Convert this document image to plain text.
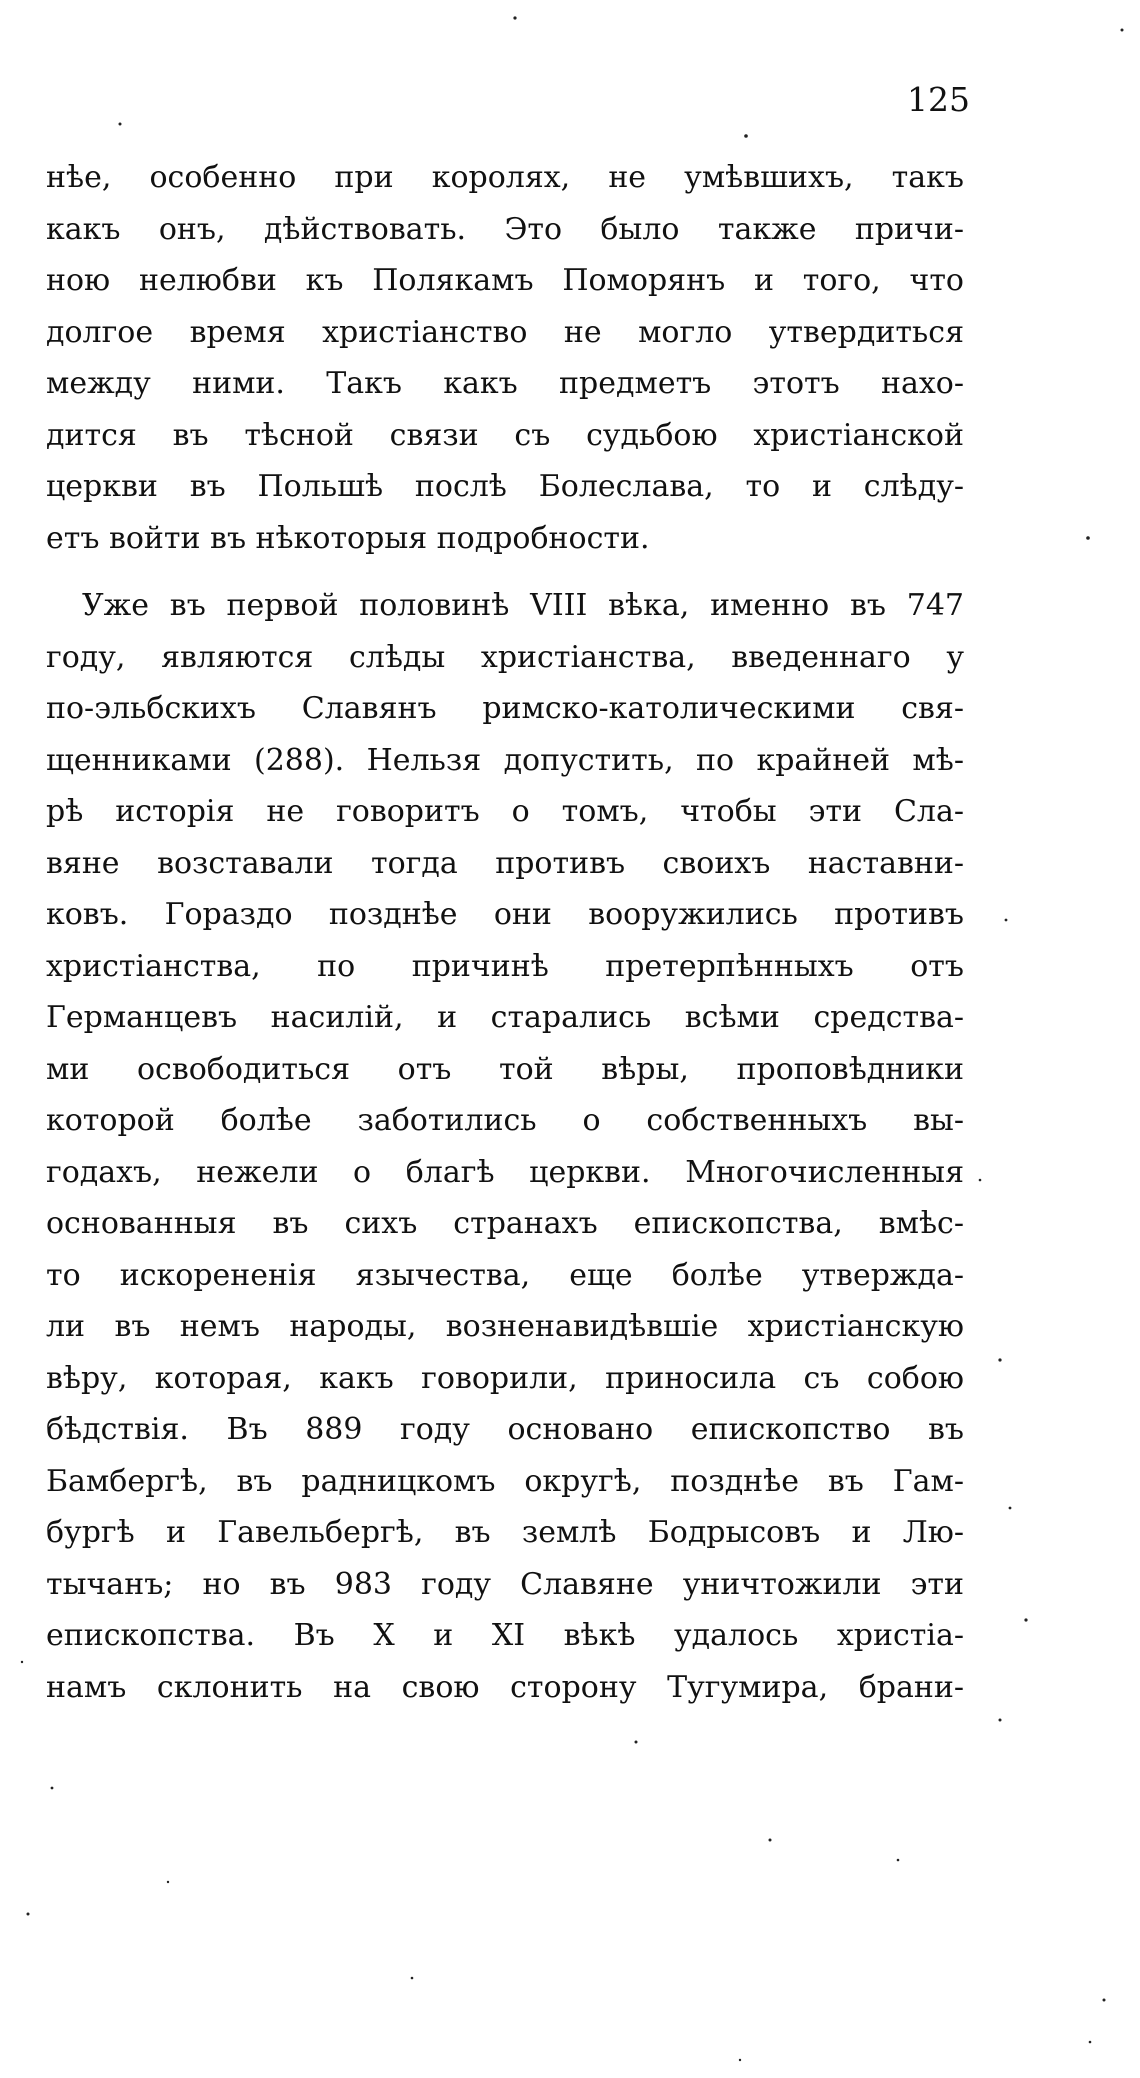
125
нѣе, особенно при королях, не умѣвшихъ, такъ
какъ онъ, дѣйствовать. Это было также причи-
ною нелюбви къ Полякамъ Поморянъ и того, что
долгое время христіанство не могло утвердиться
между ними. Такъ какъ предметъ этотъ нахо-
дится въ тѣсной связи съ судьбою христіанской
церкви въ Польшѣ послѣ Болеслава, то и слѣду-
етъ войти въ нѣкоторыя подробности.
Уже въ первой половинѣ VIII вѣка, именно въ 747
году, являются слѣды христіанства, введеннаго у
по-эльбскихъ Славянъ римско-католическими свя-
щенниками (288). Нельзя допустить, по крайней мѣ-
рѣ исторія не говоритъ о томъ, чтобы эти Сла-
вяне возставали тогда противъ своихъ наставни-
ковъ. Гораздо позднѣе они вооружились противъ
христіанства, по причинѣ претерпѣнныхъ отъ
Германцевъ насилій, и старались всѣми средства-
ми освободиться отъ той вѣры, проповѣдники
которой болѣе заботились о собственныхъ вы-
годахъ, нежели о благѣ церкви. Многочисленныя
основанныя въ сихъ странахъ епископства, вмѣс-
то искорененія язычества, еще болѣе утвержда-
ли въ немъ народы, возненавидѣвшіе христіанскую
вѣру, которая, какъ говорили, приносила съ собою
бѣдствія. Въ 889 году основано епископство въ
Бамбергѣ, въ радницкомъ округѣ, позднѣе въ Гам-
бургѣ и Гавельбергѣ, въ землѣ Бодрысовъ и Лю-
тычанъ; но въ 983 году Славяне уничтожили эти
епископства. Въ X и XI вѣкѣ удалось христіа-
намъ склонить на свою сторону Тугумира, брани-
